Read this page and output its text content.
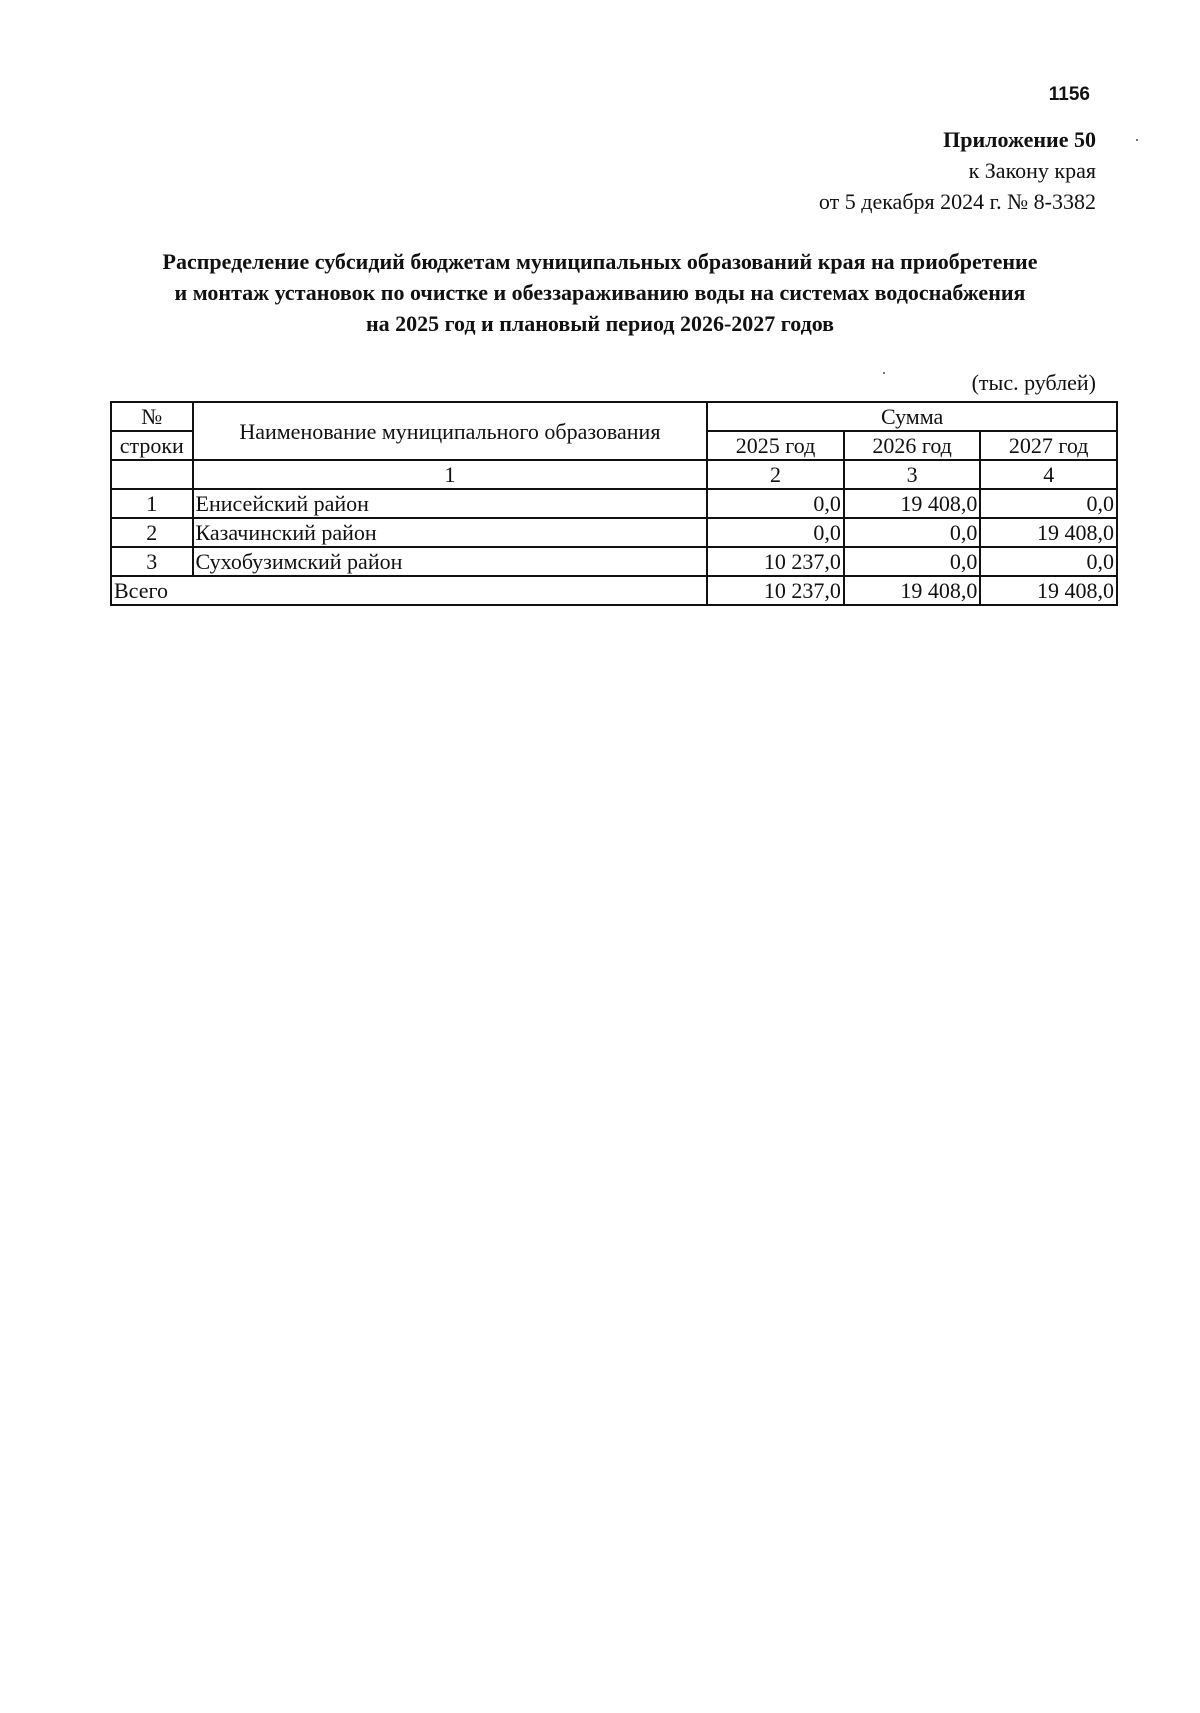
1156
Приложение 50
к Закону края
от 5 декабря 2024 г. № 8-3382
Распределение субсидий бюджетам муниципальных образований края на приобретение
и монтаж установок по очистке и обеззараживанию воды на системах водоснабжения
на 2025 год и плановый период 2026-2027 годов
(тыс. рублей)
№	Наименование муниципального образования	Сумма		
строки		2025 год	2026 год	2027 год
	1	2	3	4
1	Енисейский район	0,0	19 408,0	0,0
2	Казачинский район	0,0	0,0	19 408,0
3	Сухобузимский район	10 237,0	0,0	0,0
Всего		10 237,0	19 408,0	19 408,0
